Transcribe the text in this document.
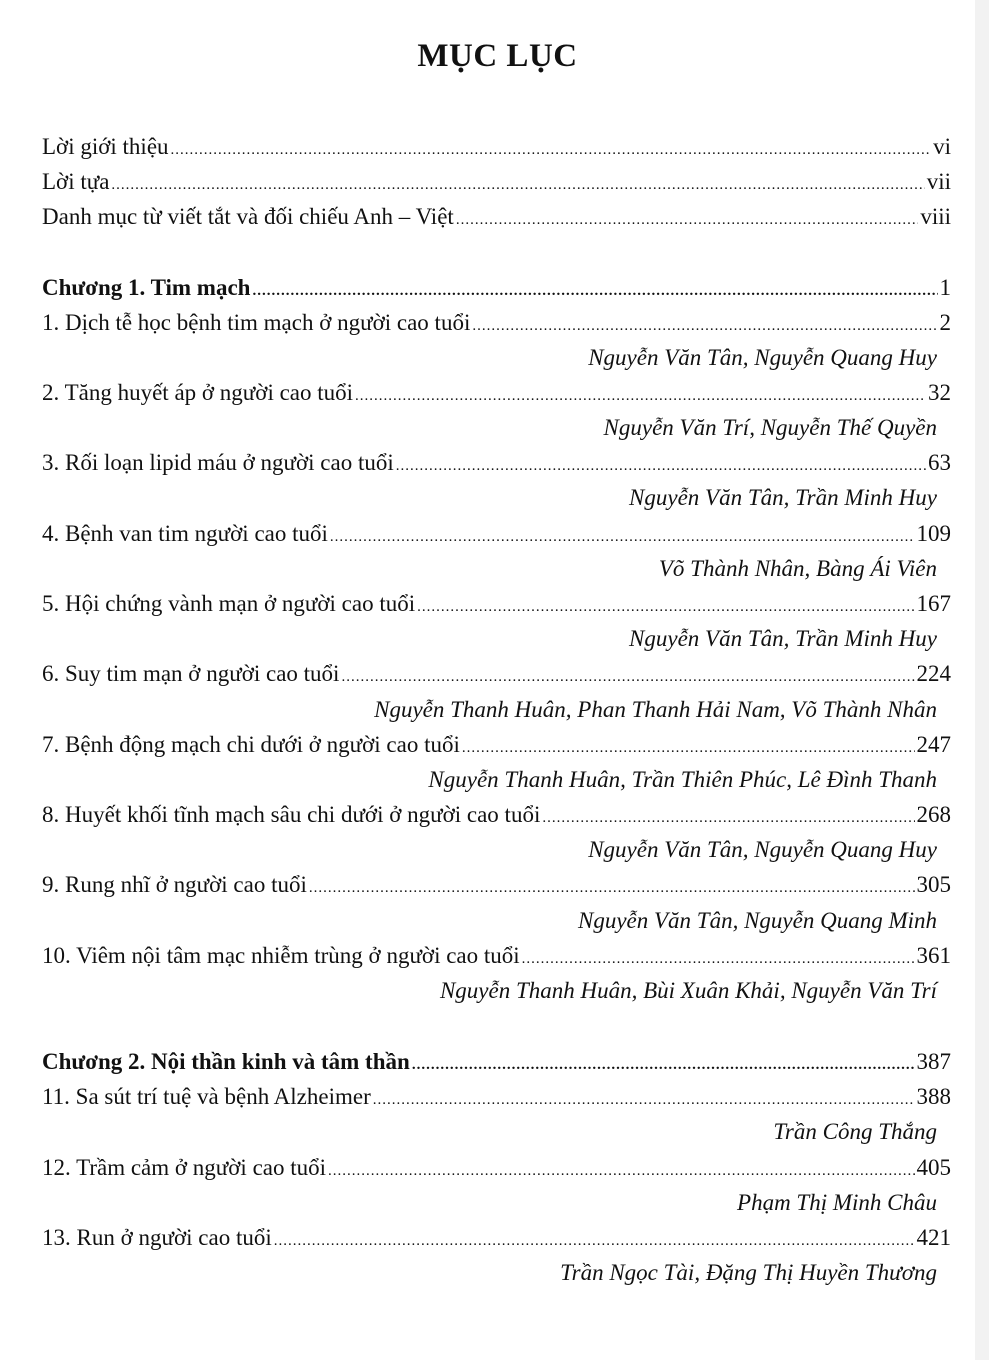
MỤC LỤC
Lời giới thiệu .....	vi
Lời tựa .....	vii
Danh mục từ viết tắt và đối chiếu Anh – Việt .....	viii
Chương 1. Tim mạch .....	1
1. Dịch tễ học bệnh tim mạch ở người cao tuổi .....	2
Nguyễn Văn Tân, Nguyễn Quang Huy
2. Tăng huyết áp ở người cao tuổi .....	32
Nguyễn Văn Trí, Nguyễn Thế Quyền
3. Rối loạn lipid máu ở người cao tuổi .....	63
Nguyễn Văn Tân, Trần Minh Huy
4. Bệnh van tim người cao tuổi .....	109
Võ Thành Nhân, Bàng Ái Viên
5. Hội chứng vành mạn ở người cao tuổi .....	167
Nguyễn Văn Tân, Trần Minh Huy
6. Suy tim mạn ở người cao tuổi .....	224
Nguyễn Thanh Huân, Phan Thanh Hải Nam, Võ Thành Nhân
7. Bệnh động mạch chi dưới ở người cao tuổi .....	247
Nguyễn Thanh Huân, Trần Thiên Phúc, Lê Đình Thanh
8. Huyết khối tĩnh mạch sâu chi dưới ở người cao tuổi .....	268
Nguyễn Văn Tân, Nguyễn Quang Huy
9. Rung nhĩ ở người cao tuổi .....	305
Nguyễn Văn Tân, Nguyễn Quang Minh
10. Viêm nội tâm mạc nhiễm trùng ở người cao tuổi .....	361
Nguyễn Thanh Huân, Bùi Xuân Khải, Nguyễn Văn Trí
Chương 2. Nội thần kinh và tâm thần .....	387
11. Sa sút trí tuệ và bệnh Alzheimer .....	388
Trần Công Thắng
12. Trầm cảm ở người cao tuổi .....	405
Phạm Thị Minh Châu
13. Run ở người cao tuổi .....	421
Trần Ngọc Tài, Đặng Thị Huyền Thương
